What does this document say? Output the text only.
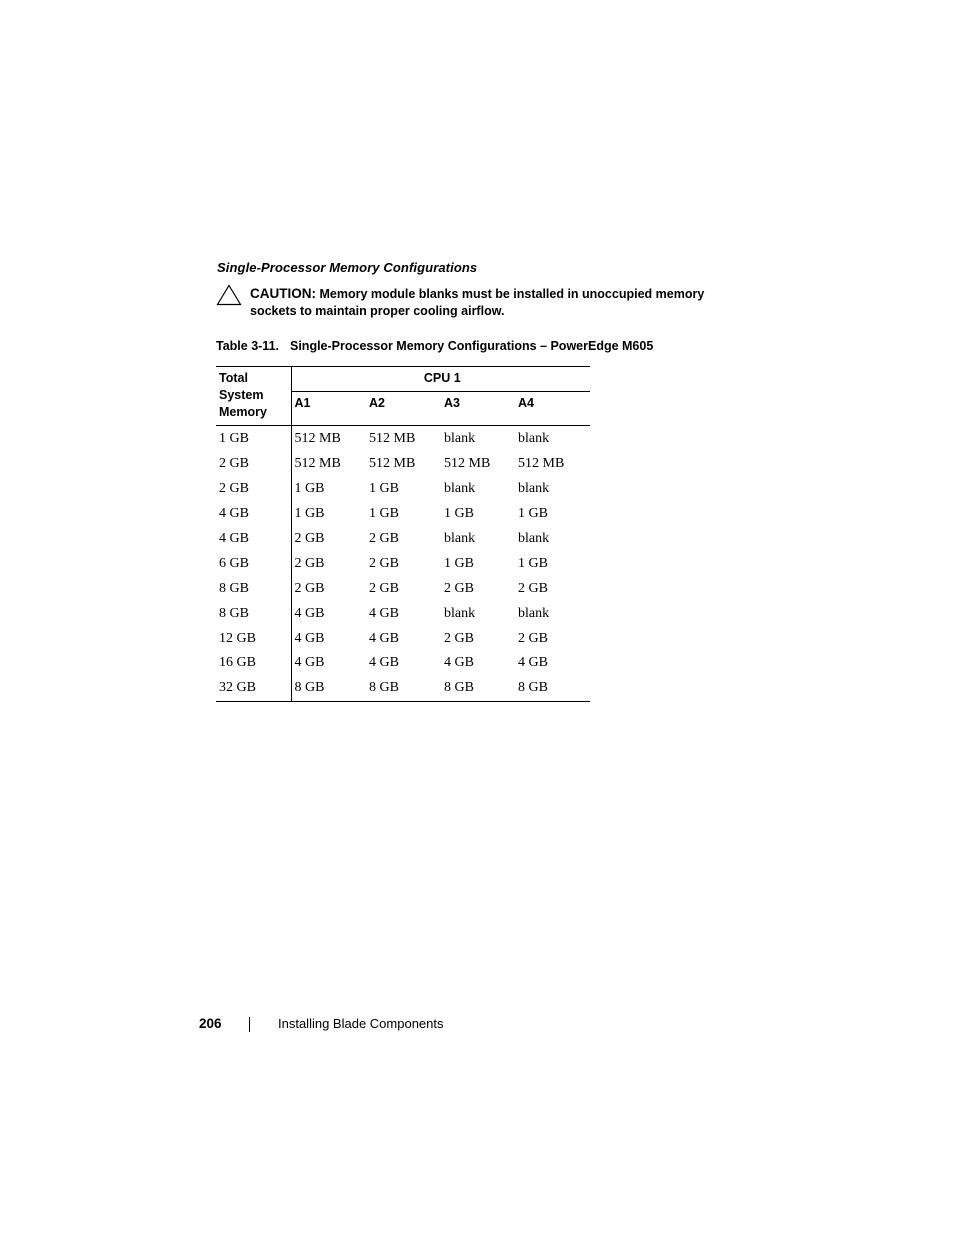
Single-Processor Memory Configurations
CAUTION: Memory module blanks must be installed in unoccupied memory sockets to maintain proper cooling airflow.
Table 3-11. Single-Processor Memory Configurations – PowerEdge M605
Total
System
Memory	CPU 1			
	A1	A2	A3	A4
1 GB	512 MB	512 MB	blank	blank
2 GB	512 MB	512 MB	512 MB	512 MB
2 GB	1 GB	1 GB	blank	blank
4 GB	1 GB	1 GB	1 GB	1 GB
4 GB	2 GB	2 GB	blank	blank
6 GB	2 GB	2 GB	1 GB	1 GB
8 GB	2 GB	2 GB	2 GB	2 GB
8 GB	4 GB	4 GB	blank	blank
12 GB	4 GB	4 GB	2 GB	2 GB
16 GB	4 GB	4 GB	4 GB	4 GB
32 GB	8 GB	8 GB	8 GB	8 GB
206	Installing Blade Components
